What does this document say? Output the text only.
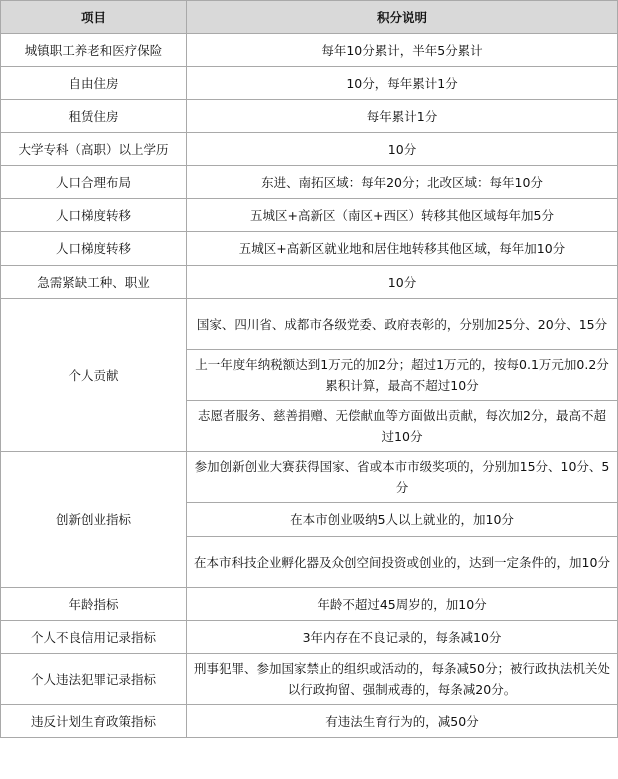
项目	积分说明
城镇职工养老和医疗保险	每年10分累计，半年5分累计
自由住房	10分，每年累计1分
租赁住房	每年累计1分
大学专科（高职）以上学历	10分
人口合理布局	东进、南拓区域：每年20分；北改区域：每年10分
人口梯度转移	五城区+高新区（南区+西区）转移其他区域每年加5分
人口梯度转移	五城区+高新区就业地和居住地转移其他区域，每年加10分
急需紧缺工种、职业	10分
个人贡献	国家、四川省、成都市各级党委、政府表彰的，分别加25分、20分、15分
	上一年度年纳税额达到1万元的加2分；超过1万元的，按每0.1万元加0.2分累积计算，最高不超过10分
	志愿者服务、慈善捐赠、无偿献血等方面做出贡献，每次加2分，最高不超过10分
创新创业指标	参加创新创业大赛获得国家、省或本市市级奖项的，分别加15分、10分、5分
	在本市创业吸纳5人以上就业的，加10分
	在本市科技企业孵化器及众创空间投资或创业的，达到一定条件的，加10分
年龄指标	年龄不超过45周岁的，加10分
个人不良信用记录指标	3年内存在不良记录的，每条减10分
个人违法犯罪记录指标	刑事犯罪、参加国家禁止的组织或活动的，每条减50分；被行政执法机关处以行政拘留、强制戒毒的，每条减20分。
违反计划生育政策指标	有违法生育行为的，减50分
